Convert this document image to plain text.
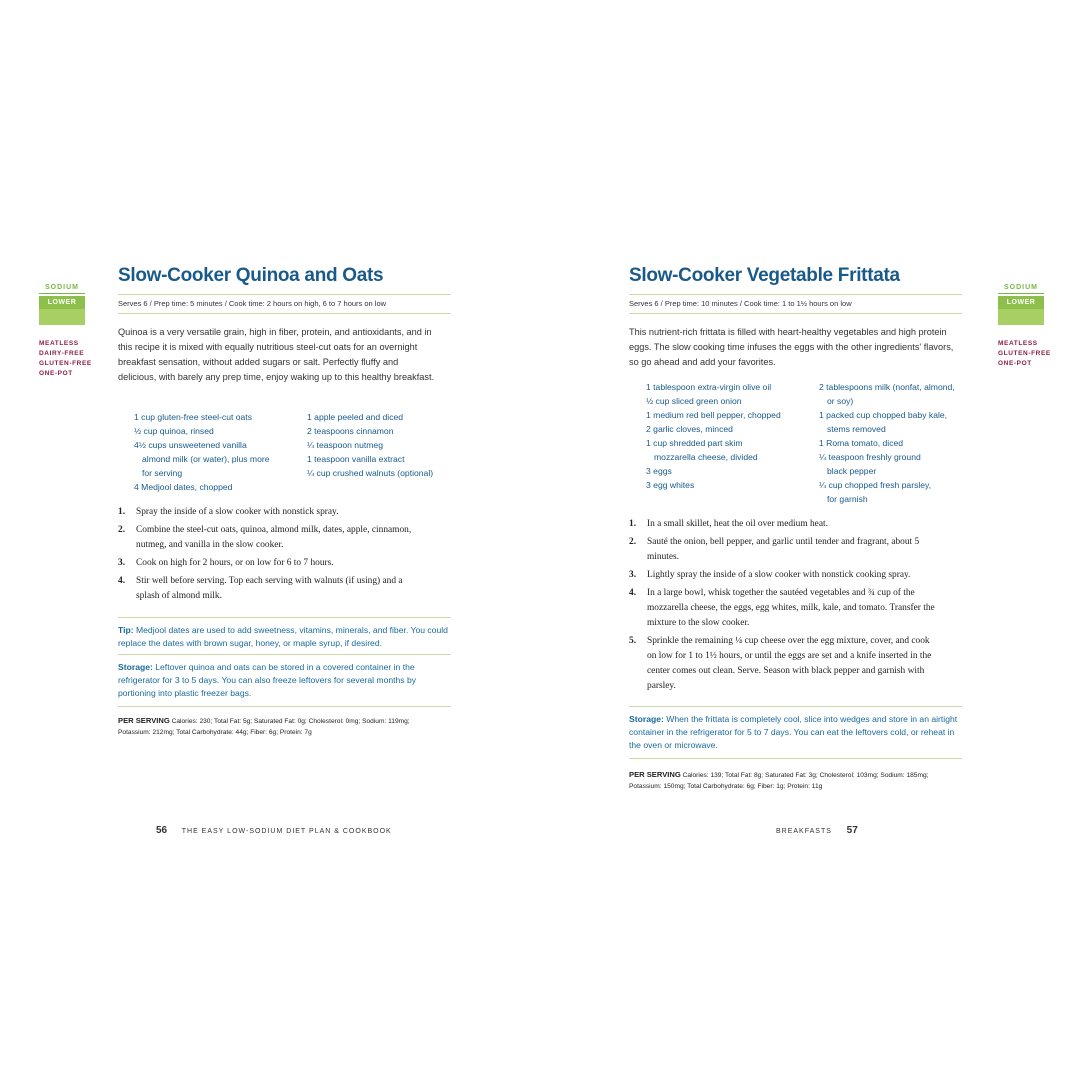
SODIUM
LOWER
MEATLESS
DAIRY-FREE
GLUTEN-FREE
ONE-POT
Slow-Cooker Quinoa and Oats
Serves 6 / Prep time: 5 minutes / Cook time: 2 hours on high, 6 to 7 hours on low
Quinoa is a very versatile grain, high in fiber, protein, and antioxidants, and in this recipe it is mixed with equally nutritious steel-cut oats for an overnight breakfast sensation, without added sugars or salt. Perfectly fluffy and delicious, with barely any prep time, enjoy waking up to this healthy breakfast.
1 cup gluten-free steel-cut oats
½ cup quinoa, rinsed
4½ cups unsweetened vanilla
almond milk (or water), plus more
for serving
4 Medjool dates, chopped
1 apple peeled and diced
2 teaspoons cinnamon
¼ teaspoon nutmeg
1 teaspoon vanilla extract
¼ cup crushed walnuts (optional)
1. Spray the inside of a slow cooker with nonstick spray.
2. Combine the steel-cut oats, quinoa, almond milk, dates, apple, cinnamon, nutmeg, and vanilla in the slow cooker.
3. Cook on high for 2 hours, or on low for 6 to 7 hours.
4. Stir well before serving. Top each serving with walnuts (if using) and a splash of almond milk.
Tip: Medjool dates are used to add sweetness, vitamins, minerals, and fiber. You could replace the dates with brown sugar, honey, or maple syrup, if desired.
Storage: Leftover quinoa and oats can be stored in a covered container in the refrigerator for 3 to 5 days. You can also freeze leftovers for several months by portioning into plastic freezer bags.
PER SERVING Calories: 230; Total Fat: 5g; Saturated Fat: 0g; Cholesterol: 0mg; Sodium: 119mg; Potassium: 212mg; Total Carbohydrate: 44g; Fiber: 6g; Protein: 7g
56 THE EASY LOW-SODIUM DIET PLAN & COOKBOOK
Slow-Cooker Vegetable Frittata
Serves 6 / Prep time: 10 minutes / Cook time: 1 to 1½ hours on low
This nutrient-rich frittata is filled with heart-healthy vegetables and high protein eggs. The slow cooking time infuses the eggs with the other ingredients' flavors, so go ahead and add your favorites.
1 tablespoon extra-virgin olive oil
½ cup sliced green onion
1 medium red bell pepper, chopped
2 garlic cloves, minced
1 cup shredded part skim
mozzarella cheese, divided
3 eggs
3 egg whites
2 tablespoons milk (nonfat, almond,
or soy)
1 packed cup chopped baby kale,
stems removed
1 Roma tomato, diced
¼ teaspoon freshly ground
black pepper
¼ cup chopped fresh parsley,
for garnish
1. In a small skillet, heat the oil over medium heat.
2. Sauté the onion, bell pepper, and garlic until tender and fragrant, about 5 minutes.
3. Lightly spray the inside of a slow cooker with nonstick cooking spray.
4. In a large bowl, whisk together the sautéed vegetables and ¾ cup of the mozzarella cheese, the eggs, egg whites, milk, kale, and tomato. Transfer the mixture to the slow cooker.
5. Sprinkle the remaining ¼ cup cheese over the egg mixture, cover, and cook on low for 1 to 1½ hours, or until the eggs are set and a knife inserted in the center comes out clean. Serve. Season with black pepper and garnish with parsley.
Storage: When the frittata is completely cool, slice into wedges and store in an airtight container in the refrigerator for 5 to 7 days. You can eat the leftovers cold, or reheat in the oven or microwave.
PER SERVING Calories: 139; Total Fat: 8g; Saturated Fat: 3g; Cholesterol: 103mg; Sodium: 185mg; Potassium: 150mg; Total Carbohydrate: 6g; Fiber: 1g; Protein: 11g
BREAKFASTS 57
SODIUM
LOWER
MEATLESS
GLUTEN-FREE
ONE-POT
